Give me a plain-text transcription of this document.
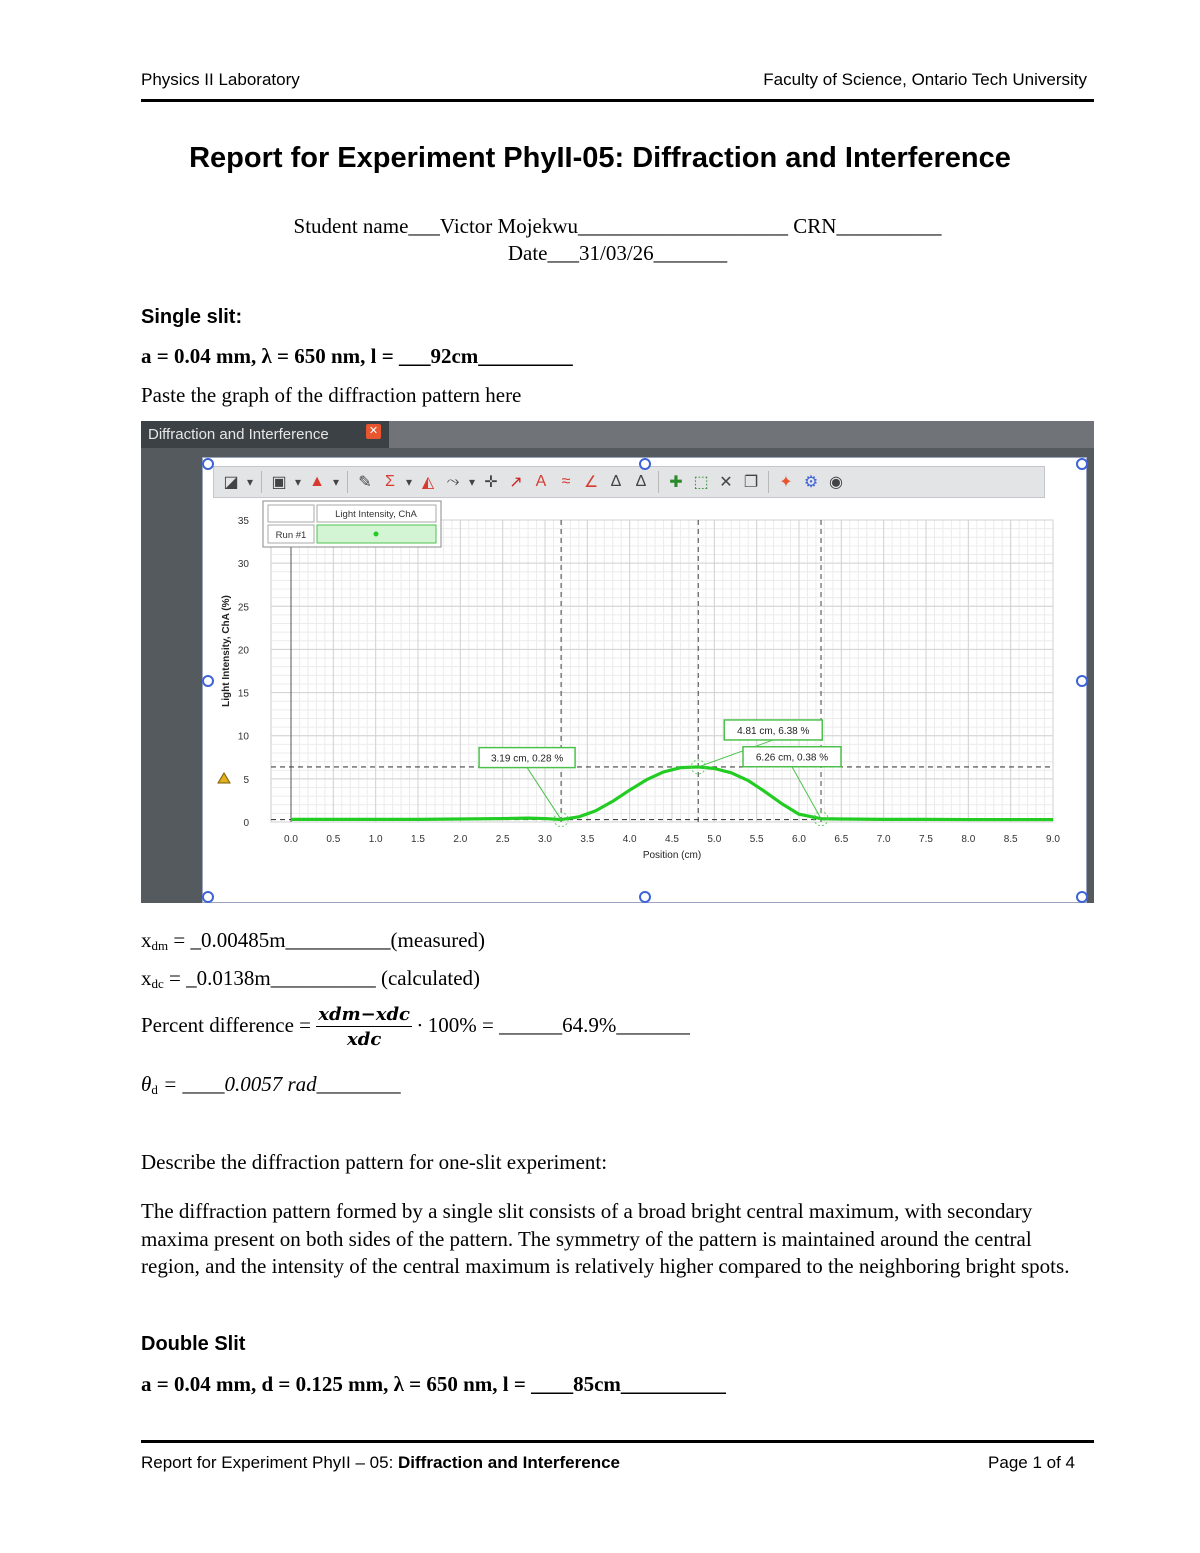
Physics II Laboratory	Faculty of Science, Ontario Tech University
Report for Experiment PhyII-05: Diffraction and Interference
Student name___Victor Mojekwu____________________ CRN__________
Date___31/03/26_______
Single slit:
a = 0.04 mm, λ = 650 nm, l = ___92cm_________
Paste the graph of the diffraction pattern here
Diffraction and Interference	✕
◪ ▾ ▣ ▾ ▲ ▾ ✎ Σ ▾ ◭ ⤳ ▾ ✛ ↗ A ≈ ∠ Δ Δ	✚ ⬚ ✕ ❐ ✦ ⚙ ◉
0.0	0.5	1.0	1.5	2.0	2.5	3.0	3.5	4.0	4.5	5.0	5.5	6.0	6.5	7.0	7.5	8.0	8.5	9.0
0
5
10
15
20
25
30
35
Position (cm)
Light Intensity, ChA (%)
3.19 cm, 0.28 %
4.81 cm, 6.38 %
6.26 cm, 0.38 %
Light Intensity, ChA
Run #1
$x_{dm}$ = _0.00485m__________(measured)
$x_{dc}$ = _0.0138m__________ (calculated)
Percent difference = $\frac{\text{xdm−xdc}}{\text{xdc}} \cdot 100\%$ = ______64.9%_______
$\theta_d$ = ____0.0057 rad________
Describe the diffraction pattern for one-slit experiment:
The diffraction pattern formed by a single slit consists of a broad bright central maximum, with secondary maxima present on both sides of the pattern. The symmetry of the pattern is maintained around the central region, and the intensity of the central maximum is relatively higher compared to the neighboring bright spots.
Double Slit
a = 0.04 mm, d = 0.125 mm, λ = 650 nm, l = ____85cm__________
Report for Experiment PhyII – 05: Diffraction and Interference	Page 1 of 4
